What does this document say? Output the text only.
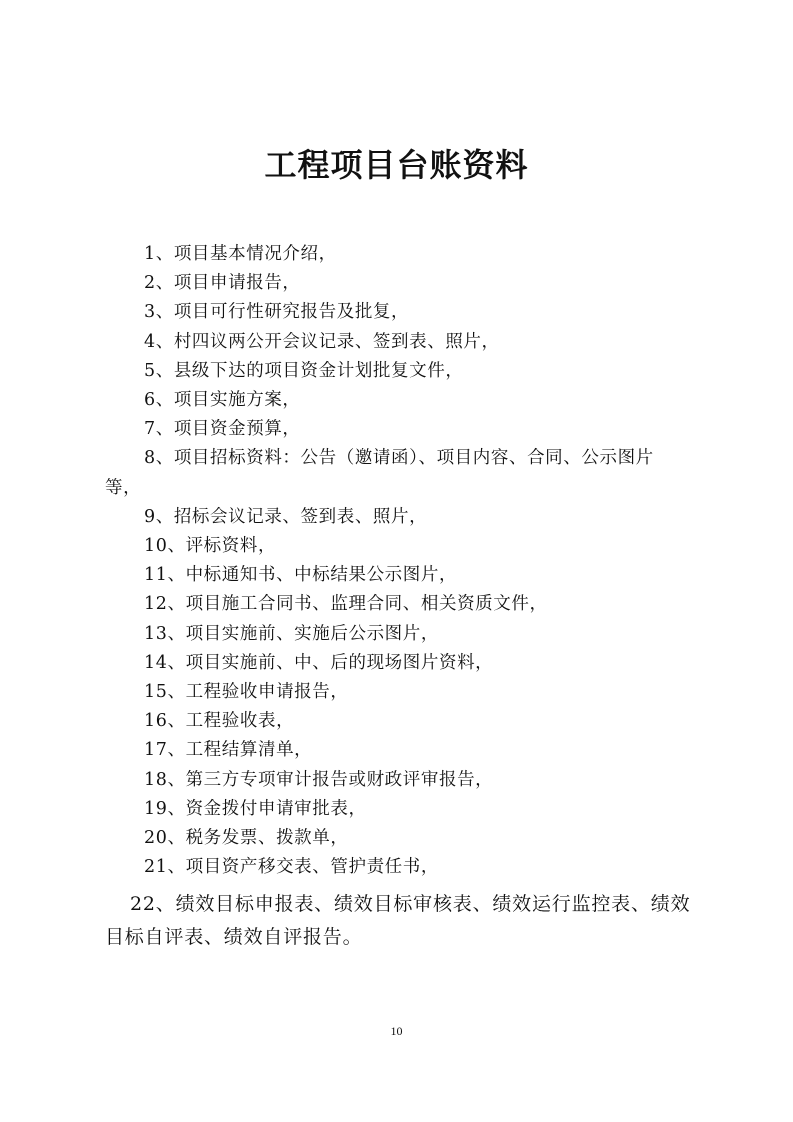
工程项目台账资料
1、项目基本情况介绍，
2、项目申请报告，
3、项目可行性研究报告及批复，
4、村四议两公开会议记录、签到表、照片，
5、县级下达的项目资金计划批复文件，
6、项目实施方案，
7、项目资金预算，
8、项目招标资料：公告（邀请函）、项目内容、合同、公示图片
等，
9、招标会议记录、签到表、照片，
10、评标资料，
11、中标通知书、中标结果公示图片，
12、项目施工合同书、监理合同、相关资质文件，
13、项目实施前、实施后公示图片，
14、项目实施前、中、后的现场图片资料，
15、工程验收申请报告，
16、工程验收表，
17、工程结算清单，
18、第三方专项审计报告或财政评审报告，
19、资金拨付申请审批表，
20、税务发票、拨款单，
21、项目资产移交表、管护责任书，
22、绩效目标申报表、绩效目标审核表、绩效运行监控表、绩效
目标自评表、绩效自评报告。
10
